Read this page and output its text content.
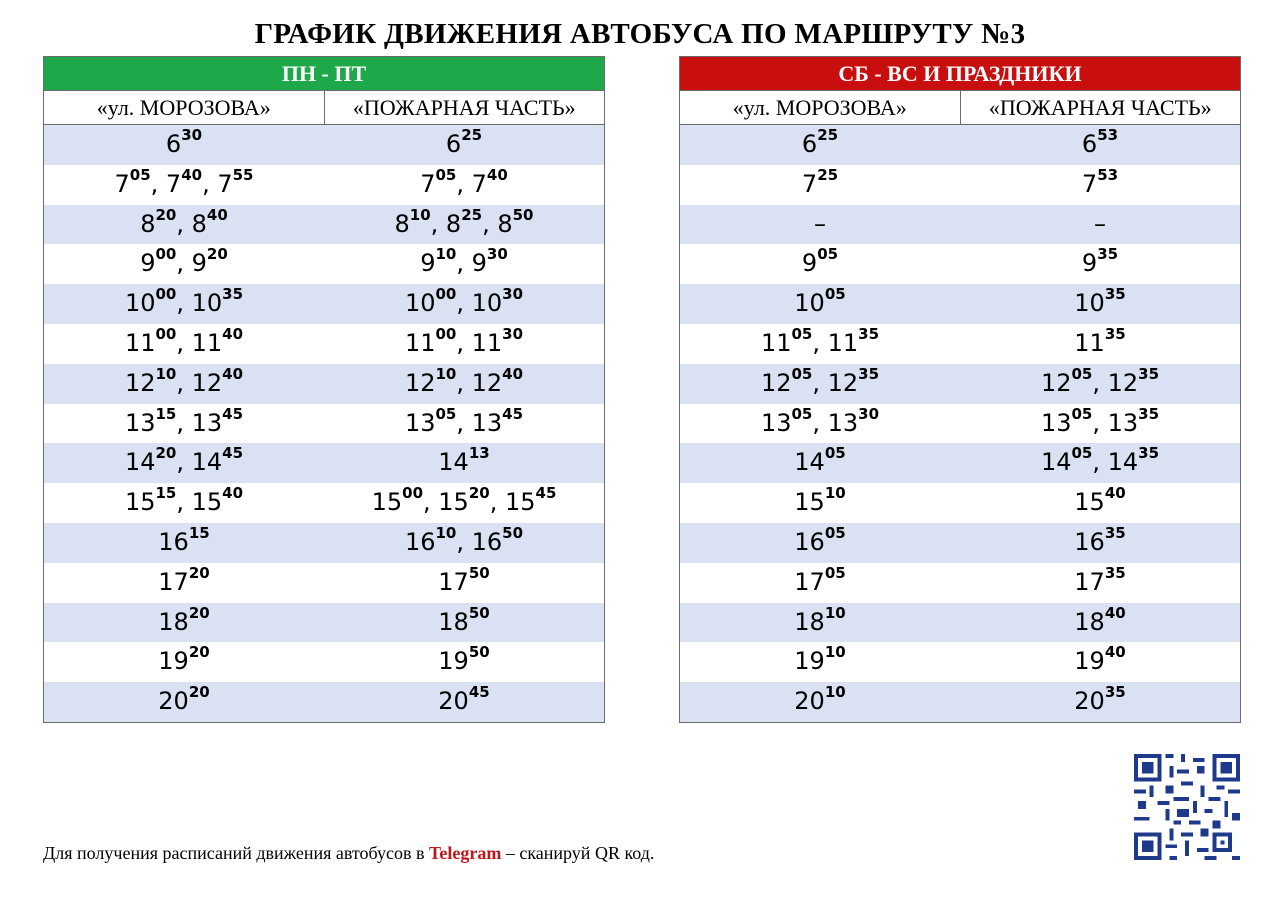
ГРАФИК ДВИЖЕНИЯ АВТОБУСА ПО МАРШРУТУ №3
ПН - ПТ
«ул. МОРОЗОВА»	«ПОЖАРНАЯ ЧАСТЬ»
$6^{30}$	$6^{25}$
$7^{05}$, $7^{40}$, $7^{55}$	$7^{05}$, $7^{40}$
$8^{20}$, $8^{40}$	$8^{10}$, $8^{25}$, $8^{50}$
$9^{00}$, $9^{20}$	$9^{10}$, $9^{30}$
$10^{00}$, $10^{35}$	$10^{00}$, $10^{30}$
$11^{00}$, $11^{40}$	$11^{00}$, $11^{30}$
$12^{10}$, $12^{40}$	$12^{10}$, $12^{40}$
$13^{15}$, $13^{45}$	$13^{05}$, $13^{45}$
$14^{20}$, $14^{45}$	$14^{13}$
$15^{15}$, $15^{40}$	$15^{00}$, $15^{20}$, $15^{45}$
$16^{15}$	$16^{10}$, $16^{50}$
$17^{20}$	$17^{50}$
$18^{20}$	$18^{50}$
$19^{20}$	$19^{50}$
$20^{20}$	$20^{45}$
СБ - ВС И ПРАЗДНИКИ
«ул. МОРОЗОВА»	«ПОЖАРНАЯ ЧАСТЬ»
$6^{25}$	$6^{53}$
$7^{25}$	$7^{53}$
–	–
$9^{05}$	$9^{35}$
$10^{05}$	$10^{35}$
$11^{05}$, $11^{35}$	$11^{35}$
$12^{05}$, $12^{35}$	$12^{05}$, $12^{35}$
$13^{05}$, $13^{30}$	$13^{05}$, $13^{35}$
$14^{05}$	$14^{05}$, $14^{35}$
$15^{10}$	$15^{40}$
$16^{05}$	$16^{35}$
$17^{05}$	$17^{35}$
$18^{10}$	$18^{40}$
$19^{10}$	$19^{40}$
$20^{10}$	$20^{35}$
Для получения расписаний движения автобусов в Telegram – сканируй QR код.
